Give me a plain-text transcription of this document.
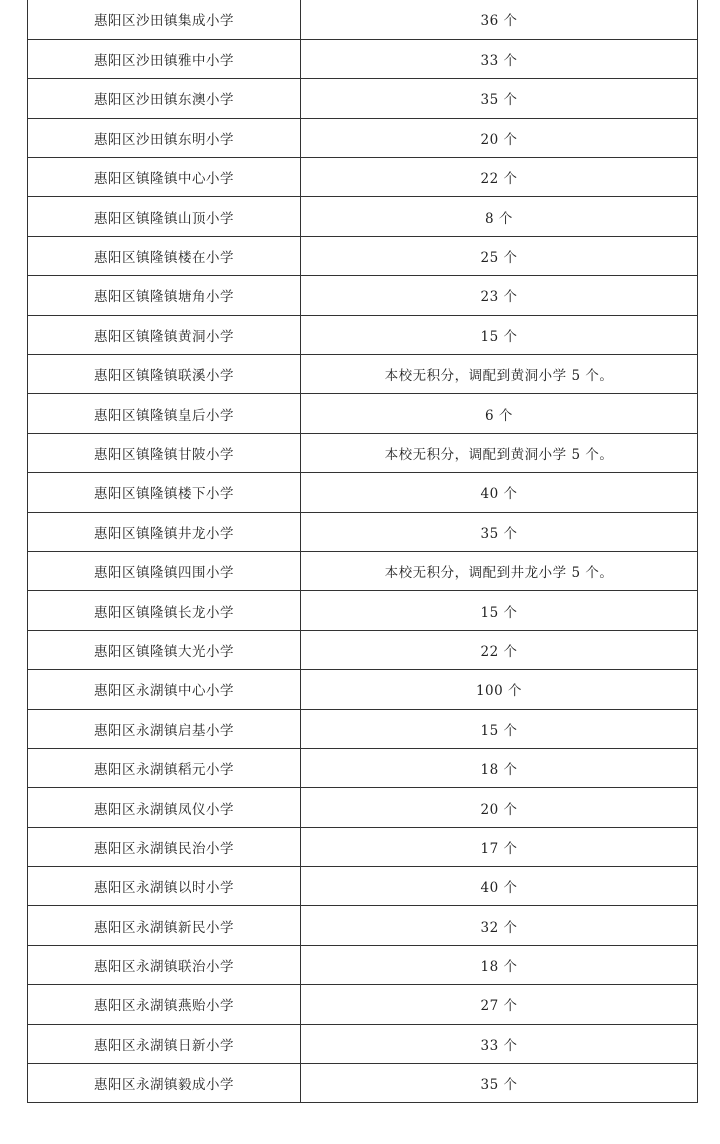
惠阳区沙田镇集成小学	36 个
惠阳区沙田镇雅中小学	33 个
惠阳区沙田镇东澳小学	35 个
惠阳区沙田镇东明小学	20 个
惠阳区镇隆镇中心小学	22 个
惠阳区镇隆镇山顶小学	8 个
惠阳区镇隆镇楼在小学	25 个
惠阳区镇隆镇塘角小学	23 个
惠阳区镇隆镇黄洞小学	15 个
惠阳区镇隆镇联溪小学	本校无积分，调配到黄洞小学 5 个。
惠阳区镇隆镇皇后小学	6 个
惠阳区镇隆镇甘陂小学	本校无积分，调配到黄洞小学 5 个。
惠阳区镇隆镇楼下小学	40 个
惠阳区镇隆镇井龙小学	35 个
惠阳区镇隆镇四围小学	本校无积分，调配到井龙小学 5 个。
惠阳区镇隆镇长龙小学	15 个
惠阳区镇隆镇大光小学	22 个
惠阳区永湖镇中心小学	100 个
惠阳区永湖镇启基小学	15 个
惠阳区永湖镇稻元小学	18 个
惠阳区永湖镇凤仪小学	20 个
惠阳区永湖镇民治小学	17 个
惠阳区永湖镇以时小学	40 个
惠阳区永湖镇新民小学	32 个
惠阳区永湖镇联治小学	18 个
惠阳区永湖镇燕贻小学	27 个
惠阳区永湖镇日新小学	33 个
惠阳区永湖镇毅成小学	35 个
